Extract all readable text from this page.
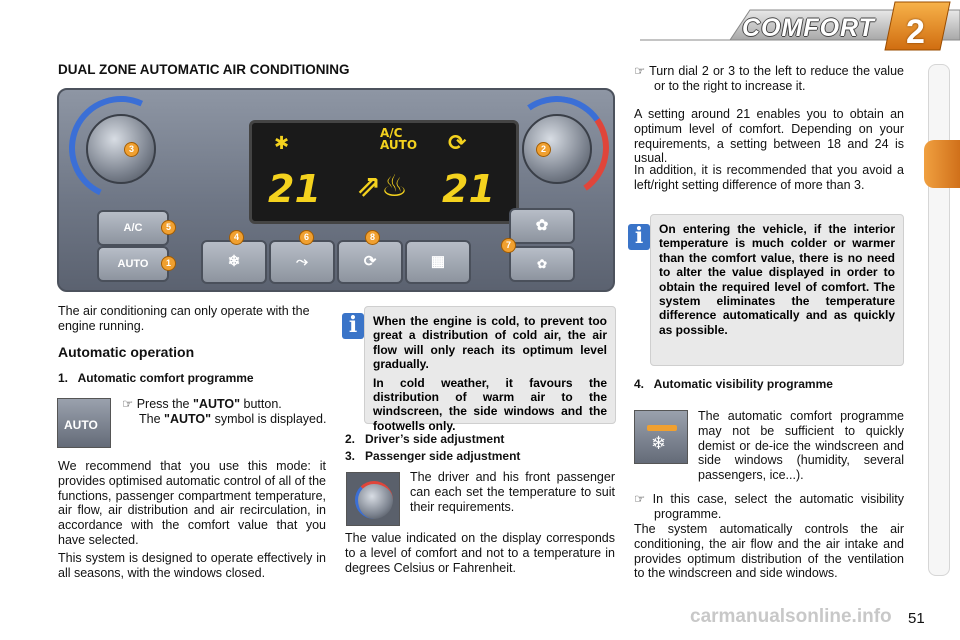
COMFORT 2
DUAL ZONE AUTOMATIC AIR CONDITIONING
✱	A/C
AUTO ⟳
21 ⇗♨ 21
A/C
AUTO	❄	⤳	⟳	▦
✿
✿
3	2
5
1
4	6	8
7
The air conditioning can only operate with the engine running.
Automatic operation
1.   Automatic comfort programme
AUTO
☞ Press the "AUTO" button.
The "AUTO" symbol is displayed.
We recommend that you use this mode: it provides optimised automatic control of all of the functions, passenger compartment temperature, air flow, air distribution and air recirculation, in accordance with the comfort value that you have selected.
This system is designed to operate effectively in all seasons, with the windows closed.
i	When the engine is cold, to prevent too great a distribution of cold air, the air flow will only reach its optimum level gradually.
In cold weather, it favours the distribution of warm air to the windscreen, the side windows and the footwells only.
2.   Driver’s side adjustment
3.   Passenger side adjustment
The driver and his front passenger can each set the temperature to suit their requirements.
The value indicated on the display corresponds to a level of comfort and not to a temperature in degrees Celsius or Fahrenheit.
☞ Turn dial 2 or 3 to the left to reduce the value or to the right to increase it.
A setting around 21 enables you to obtain an optimum level of comfort. Depending on your requirements, a setting between 18 and 24 is usual.
In addition, it is recommended that you avoid a left/right setting difference of more than 3.
i	On entering the vehicle, if the interior temperature is much colder or warmer than the comfort value, there is no need to alter the value displayed in order to obtain the required level of comfort. The system eliminates the temperature difference automatically and as quickly as possible.
4.   Automatic visibility programme
❄
The automatic comfort programme may not be sufficient to quickly demist or de-ice the windscreen and side windows (humidity, several passengers, ice...).
☞ In this case, select the automatic visibility programme.
The system automatically controls the air conditioning, the air flow and the air intake and provides optimum distribution of the ventilation to the windscreen and side windows.
carmanualsonline.info 51
